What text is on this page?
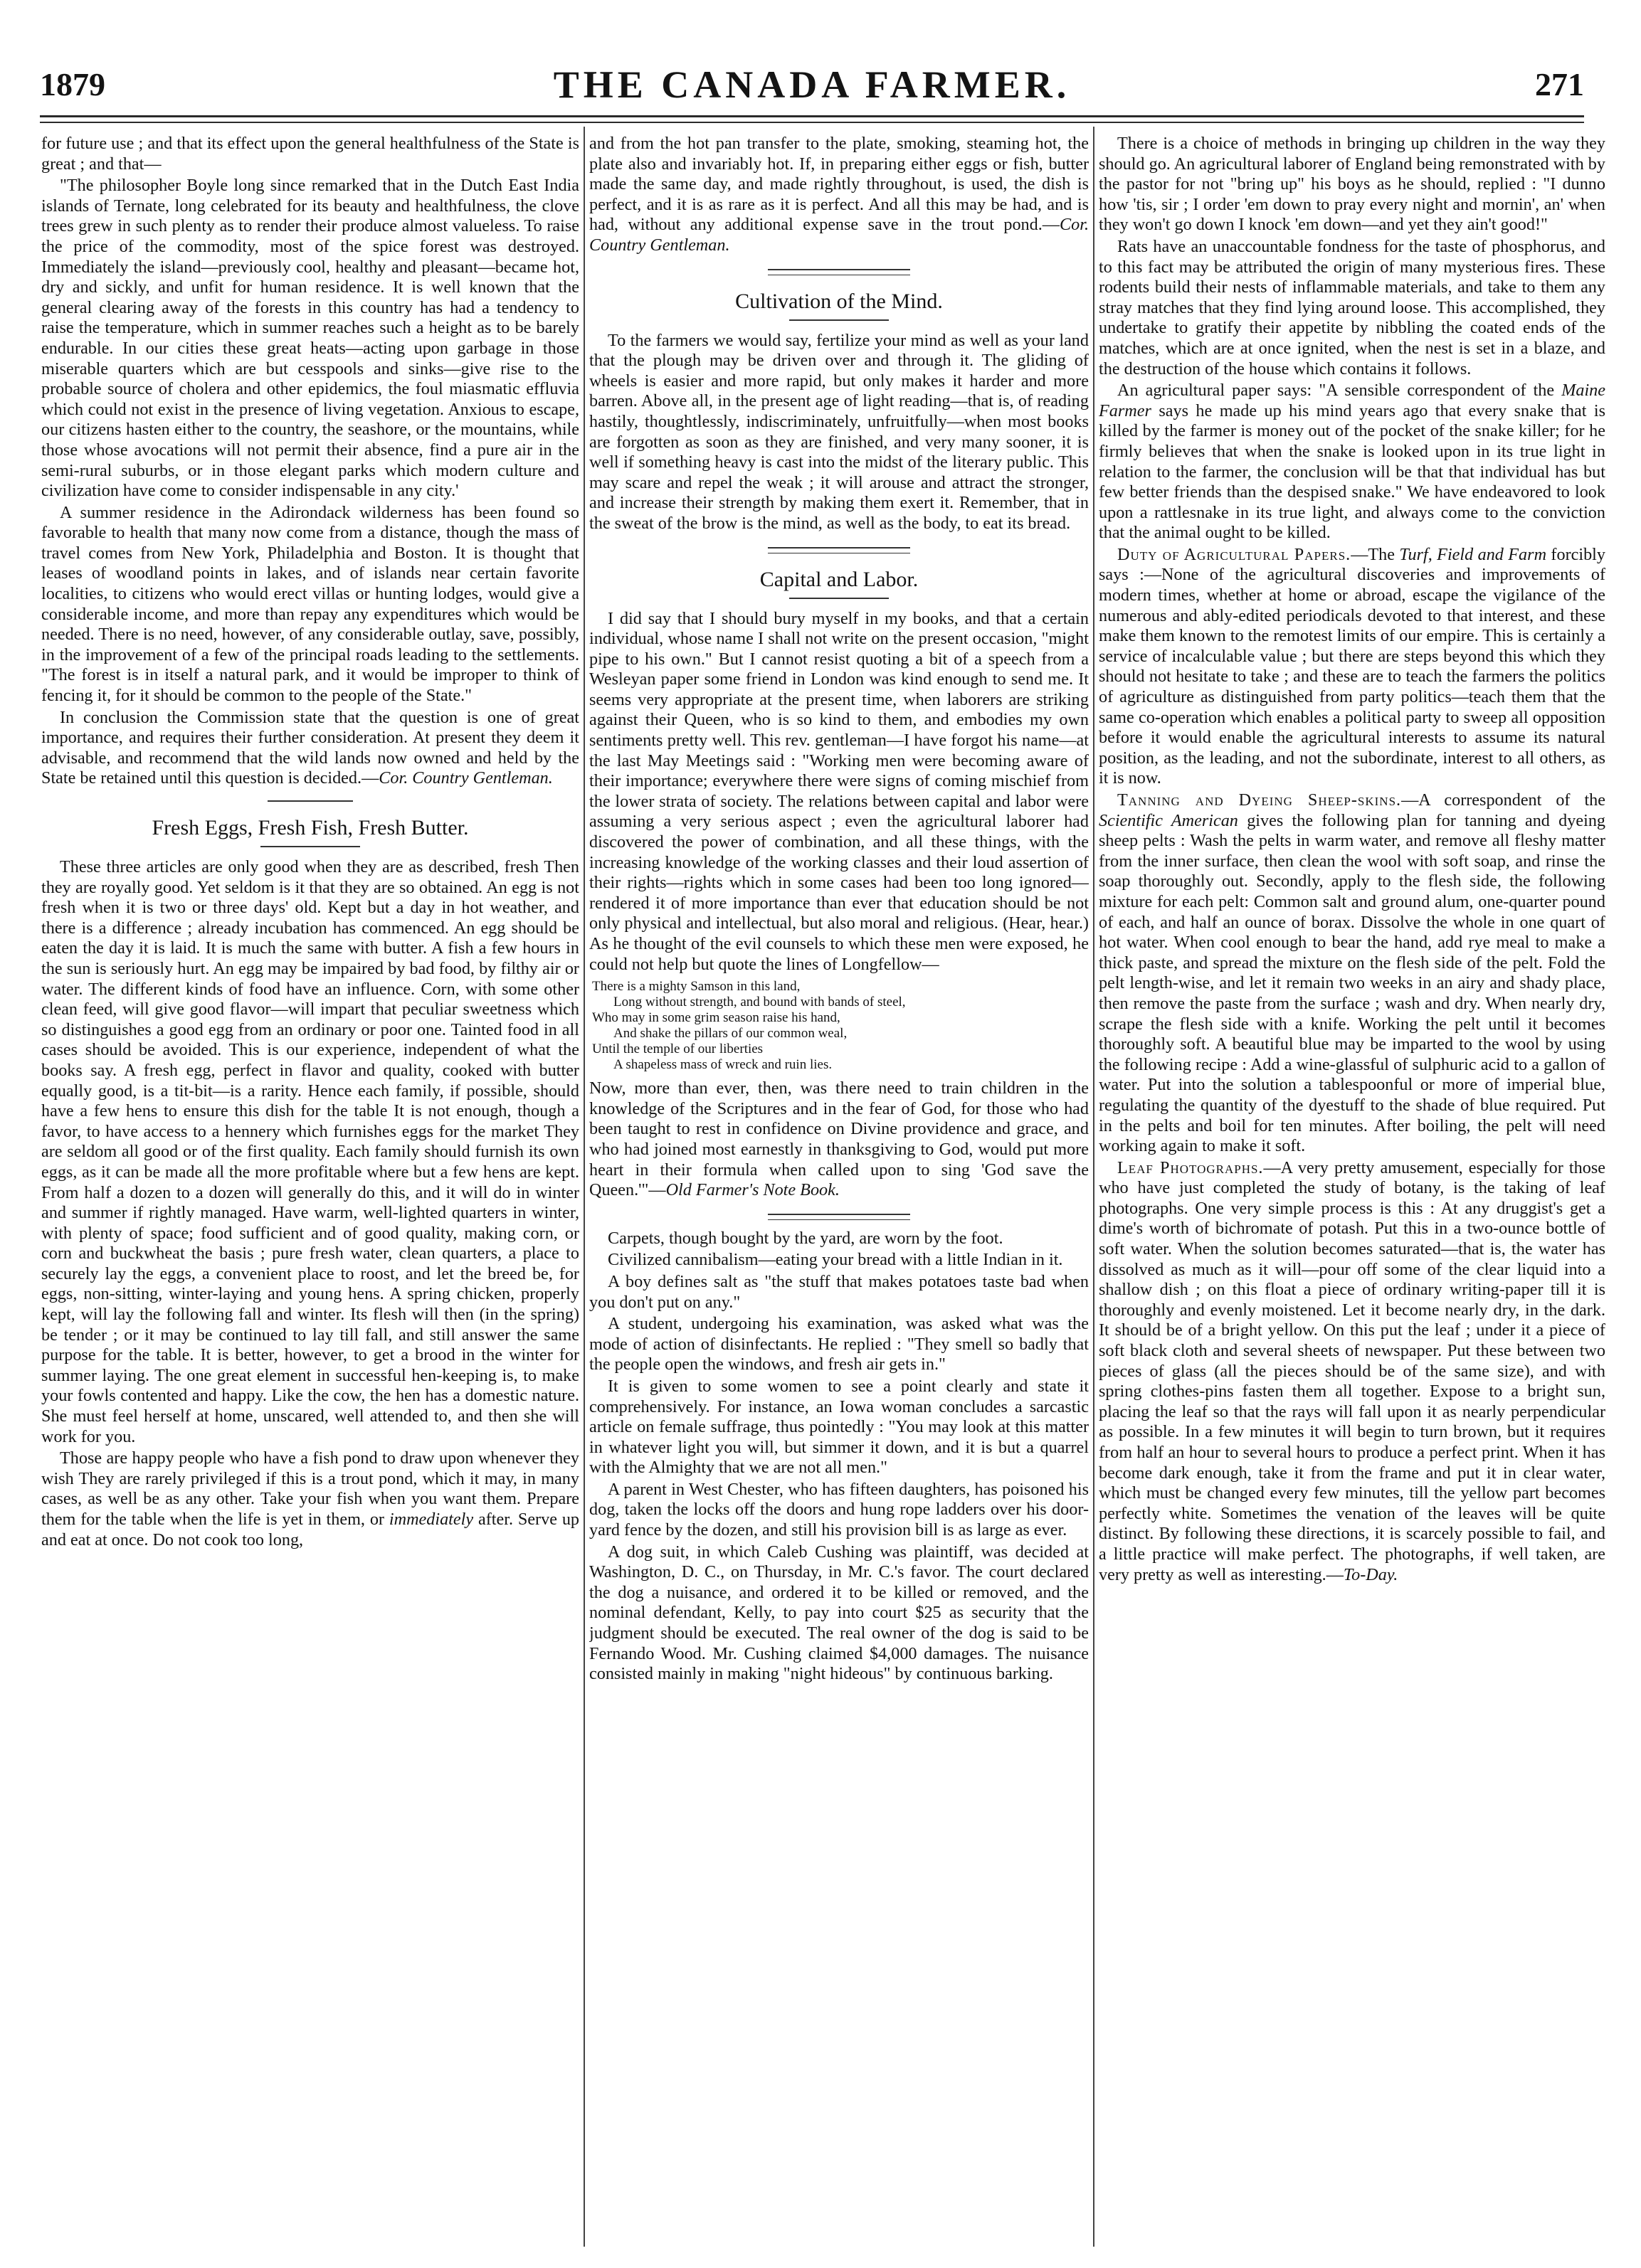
1879	THE CANADA FARMER.	271

for future use ; and that its effect upon the general healthfulness of the State is great ; and that—

"The philosopher Boyle long since remarked that in the Dutch East India islands of Ternate, long celebrated for its beauty and healthfulness, the clove trees grew in such plenty as to render their produce almost valueless. To raise the price of the commodity, most of the spice forest was destroyed. Immediately the island—previously cool, healthy and pleasant—became hot, dry and sickly, and unfit for human residence. It is well known that the general clearing away of the forests in this country has had a tendency to raise the temperature, which in summer reaches such a height as to be barely endurable. In our cities these great heats—acting upon garbage in those miserable quarters which are but cesspools and sinks—give rise to the probable source of cholera and other epidemics, the foul miasmatic effluvia which could not exist in the presence of living vegetation. Anxious to escape, our citizens hasten either to the country, the seashore, or the mountains, while those whose avocations will not permit their absence, find a pure air in the semi-rural suburbs, or in those elegant parks which modern culture and civilization have come to consider indispensable in any city.'

A summer residence in the Adirondack wilderness has been found so favorable to health that many now come from a distance, though the mass of travel comes from New York, Philadelphia and Boston. It is thought that leases of woodland points in lakes, and of islands near certain favorite localities, to citizens who would erect villas or hunting lodges, would give a considerable income, and more than repay any expenditures which would be needed. There is no need, however, of any considerable outlay, save, possibly, in the improvement of a few of the principal roads leading to the settlements. "The forest is in itself a natural park, and it would be improper to think of fencing it, for it should be common to the people of the State."

In conclusion the Commission state that the question is one of great importance, and requires their further consideration. At present they deem it advisable, and recommend that the wild lands now owned and held by the State be retained until this question is decided.—Cor. Country Gentleman.

Fresh Eggs, Fresh Fish, Fresh Butter.

These three articles are only good when they are as described, fresh Then they are royally good. Yet seldom is it that they are so obtained. An egg is not fresh when it is two or three days' old. Kept but a day in hot weather, and there is a difference ; already incubation has commenced. An egg should be eaten the day it is laid. It is much the same with butter. A fish a few hours in the sun is seriously hurt. An egg may be impaired by bad food, by filthy air or water. The different kinds of food have an influence. Corn, with some other clean feed, will give good flavor—will impart that peculiar sweetness which so distinguishes a good egg from an ordinary or poor one. Tainted food in all cases should be avoided. This is our experience, independent of what the books say. A fresh egg, perfect in flavor and quality, cooked with butter equally good, is a tit-bit—is a rarity. Hence each family, if possible, should have a few hens to ensure this dish for the table It is not enough, though a favor, to have access to a hennery which furnishes eggs for the market They are seldom all good or of the first quality. Each family should furnish its own eggs, as it can be made all the more profitable where but a few hens are kept. From half a dozen to a dozen will generally do this, and it will do in winter and summer if rightly managed. Have warm, well-lighted quarters in winter, with plenty of space; food sufficient and of good quality, making corn, or corn and buckwheat the basis ; pure fresh water, clean quarters, a place to securely lay the eggs, a convenient place to roost, and let the breed be, for eggs, non-sitting, winter-laying and young hens. A spring chicken, properly kept, will lay the following fall and winter. Its flesh will then (in the spring) be tender ; or it may be continued to lay till fall, and still answer the same purpose for the table. It is better, however, to get a brood in the winter for summer laying. The one great element in successful hen-keeping is, to make your fowls contented and happy. Like the cow, the hen has a domestic nature. She must feel herself at home, unscared, well attended to, and then she will work for you.

Those are happy people who have a fish pond to draw upon whenever they wish They are rarely privileged if this is a trout pond, which it may, in many cases, as well be as any other. Take your fish when you want them. Prepare them for the table when the life is yet in them, or immediately after. Serve up and eat at once. Do not cook too long,

and from the hot pan transfer to the plate, smoking, steaming hot, the plate also and invariably hot. If, in preparing either eggs or fish, butter made the same day, and made rightly throughout, is used, the dish is perfect, and it is as rare as it is perfect. And all this may be had, and is had, without any additional expense save in the trout pond.—Cor. Country Gentleman.

Cultivation of the Mind.

To the farmers we would say, fertilize your mind as well as your land that the plough may be driven over and through it. The gliding of wheels is easier and more rapid, but only makes it harder and more barren. Above all, in the present age of light reading—that is, of reading hastily, thoughtlessly, indiscriminately, unfruitfully—when most books are forgotten as soon as they are finished, and very many sooner, it is well if something heavy is cast into the midst of the literary public. This may scare and repel the weak ; it will arouse and attract the stronger, and increase their strength by making them exert it. Remember, that in the sweat of the brow is the mind, as well as the body, to eat its bread.

Capital and Labor.

I did say that I should bury myself in my books, and that a certain individual, whose name I shall not write on the present occasion, "might pipe to his own." But I cannot resist quoting a bit of a speech from a Wesleyan paper some friend in London was kind enough to send me. It seems very appropriate at the present time, when laborers are striking against their Queen, who is so kind to them, and embodies my own sentiments pretty well. This rev. gentleman—I have forgot his name—at the last May Meetings said : "Working men were becoming aware of their importance; everywhere there were signs of coming mischief from the lower strata of society. The relations between capital and labor were assuming a very serious aspect ; even the agricultural laborer had discovered the power of combination, and all these things, with the increasing knowledge of the working classes and their loud assertion of their rights—rights which in some cases had been too long ignored—rendered it of more importance than ever that education should be not only physical and intellectual, but also moral and religious. (Hear, hear.) As he thought of the evil counsels to which these men were exposed, he could not help but quote the lines of Longfellow—

There is a mighty Samson in this land,
Long without strength, and bound with bands of steel,
Who may in some grim season raise his hand,
And shake the pillars of our common weal,
Until the temple of our liberties
A shapeless mass of wreck and ruin lies.

Now, more than ever, then, was there need to train children in the knowledge of the Scriptures and in the fear of God, for those who had been taught to rest in confidence on Divine providence and grace, and who had joined most earnestly in thanksgiving to God, would put more heart in their formula when called upon to sing 'God save the Queen.'"—Old Farmer's Note Book.

Carpets, though bought by the yard, are worn by the foot.

Civilized cannibalism—eating your bread with a little Indian in it.

A boy defines salt as "the stuff that makes potatoes taste bad when you don't put on any."

A student, undergoing his examination, was asked what was the mode of action of disinfectants. He replied : "They smell so badly that the people open the windows, and fresh air gets in."

It is given to some women to see a point clearly and state it comprehensively. For instance, an Iowa woman concludes a sarcastic article on female suffrage, thus pointedly : "You may look at this matter in whatever light you will, but simmer it down, and it is but a quarrel with the Almighty that we are not all men."

A parent in West Chester, who has fifteen daughters, has poisoned his dog, taken the locks off the doors and hung rope ladders over his door-yard fence by the dozen, and still his provision bill is as large as ever.

A dog suit, in which Caleb Cushing was plaintiff, was decided at Washington, D. C., on Thursday, in Mr. C.'s favor. The court declared the dog a nuisance, and ordered it to be killed or removed, and the nominal defendant, Kelly, to pay into court $25 as security that the judgment should be executed. The real owner of the dog is said to be Fernando Wood. Mr. Cushing claimed $4,000 damages. The nuisance consisted mainly in making "night hideous" by continuous barking.

There is a choice of methods in bringing up children in the way they should go. An agricultural laborer of England being remonstrated with by the pastor for not "bring up" his boys as he should, replied : "I dunno how 'tis, sir ; I order 'em down to pray every night and mornin', an' when they won't go down I knock 'em down—and yet they ain't good!"

Rats have an unaccountable fondness for the taste of phosphorus, and to this fact may be attributed the origin of many mysterious fires. These rodents build their nests of inflammable materials, and take to them any stray matches that they find lying around loose. This accomplished, they undertake to gratify their appetite by nibbling the coated ends of the matches, which are at once ignited, when the nest is set in a blaze, and the destruction of the house which contains it follows.

An agricultural paper says: "A sensible correspondent of the Maine Farmer says he made up his mind years ago that every snake that is killed by the farmer is money out of the pocket of the snake killer; for he firmly believes that when the snake is looked upon in its true light in relation to the farmer, the conclusion will be that that individual has but few better friends than the despised snake." We have endeavored to look upon a rattlesnake in its true light, and always come to the conviction that the animal ought to be killed.

Duty of Agricultural Papers.—The Turf, Field and Farm forcibly says :—None of the agricultural discoveries and improvements of modern times, whether at home or abroad, escape the vigilance of the numerous and ably-edited periodicals devoted to that interest, and these make them known to the remotest limits of our empire. This is certainly a service of incalculable value ; but there are steps beyond this which they should not hesitate to take ; and these are to teach the farmers the politics of agriculture as distinguished from party politics—teach them that the same co-operation which enables a political party to sweep all opposition before it would enable the agricultural interests to assume its natural position, as the leading, and not the subordinate, interest to all others, as it is now.

Tanning and Dyeing Sheep-skins.—A correspondent of the Scientific American gives the following plan for tanning and dyeing sheep pelts : Wash the pelts in warm water, and remove all fleshy matter from the inner surface, then clean the wool with soft soap, and rinse the soap thoroughly out. Secondly, apply to the flesh side, the following mixture for each pelt: Common salt and ground alum, one-quarter pound of each, and half an ounce of borax. Dissolve the whole in one quart of hot water. When cool enough to bear the hand, add rye meal to make a thick paste, and spread the mixture on the flesh side of the pelt. Fold the pelt length-wise, and let it remain two weeks in an airy and shady place, then remove the paste from the surface ; wash and dry. When nearly dry, scrape the flesh side with a knife. Working the pelt until it becomes thoroughly soft. A beautiful blue may be imparted to the wool by using the following recipe : Add a wine-glassful of sulphuric acid to a gallon of water. Put into the solution a tablespoonful or more of imperial blue, regulating the quantity of the dyestuff to the shade of blue required. Put in the pelts and boil for ten minutes. After boiling, the pelt will need working again to make it soft.

Leaf Photographs.—A very pretty amusement, especially for those who have just completed the study of botany, is the taking of leaf photographs. One very simple process is this : At any druggist's get a dime's worth of bichromate of potash. Put this in a two-ounce bottle of soft water. When the solution becomes saturated—that is, the water has dissolved as much as it will—pour off some of the clear liquid into a shallow dish ; on this float a piece of ordinary writing-paper till it is thoroughly and evenly moistened. Let it become nearly dry, in the dark. It should be of a bright yellow. On this put the leaf ; under it a piece of soft black cloth and several sheets of newspaper. Put these between two pieces of glass (all the pieces should be of the same size), and with spring clothes-pins fasten them all together. Expose to a bright sun, placing the leaf so that the rays will fall upon it as nearly perpendicular as possible. In a few minutes it will begin to turn brown, but it requires from half an hour to several hours to produce a perfect print. When it has become dark enough, take it from the frame and put it in clear water, which must be changed every few minutes, till the yellow part becomes perfectly white. Sometimes the venation of the leaves will be quite distinct. By following these directions, it is scarcely possible to fail, and a little practice will make perfect. The photographs, if well taken, are very pretty as well as interesting.—To-Day.
